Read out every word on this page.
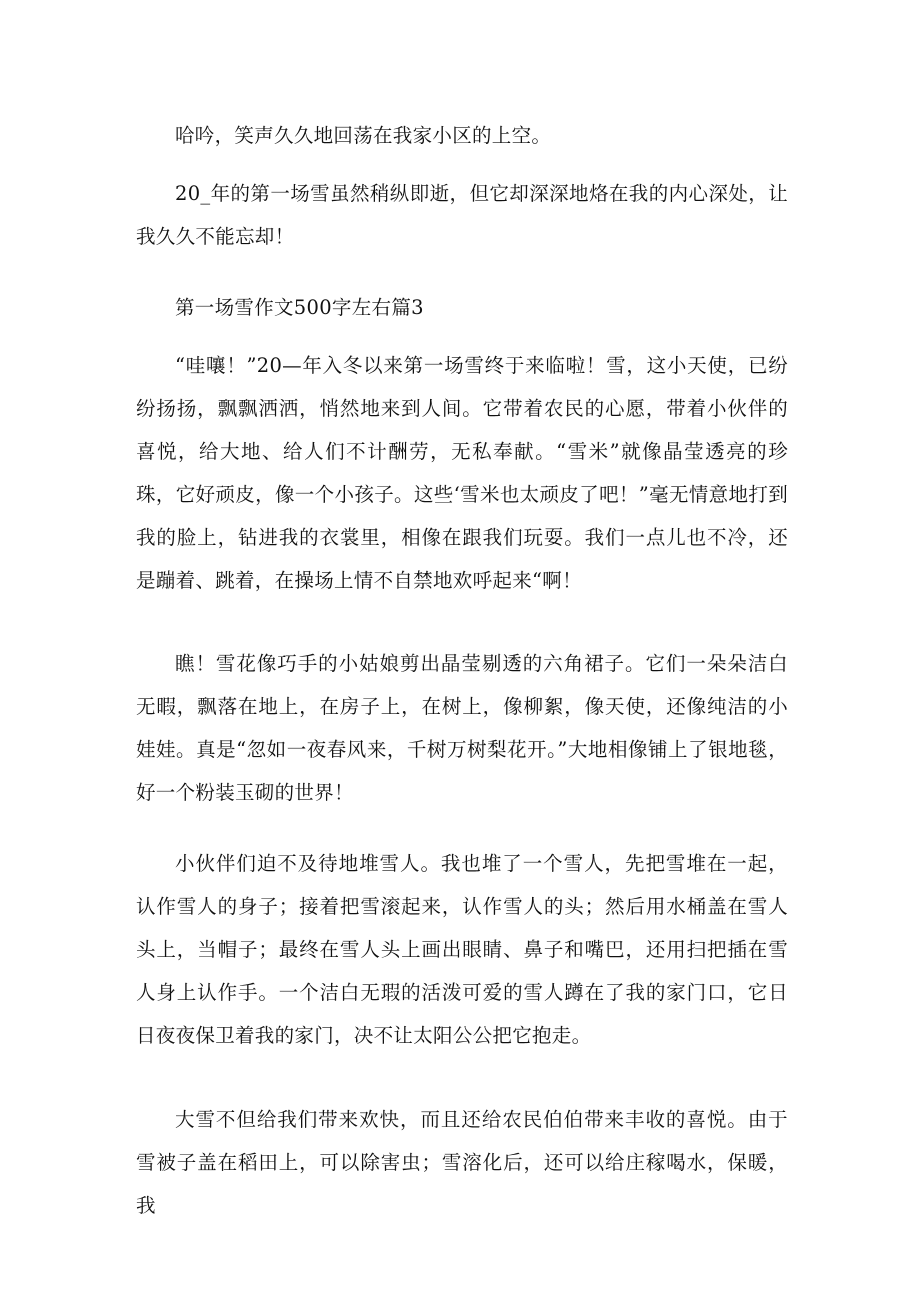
哈吟，笑声久久地回荡在我家小区的上空。

20_年的第一场雪虽然稍纵即逝，但它却深深地烙在我的内心深处，让我久久不能忘却！

第一场雪作文500字左右篇3

“哇嚷！”20—年入冬以来第一场雪终于来临啦！雪，这小天使，已纷纷扬扬，飘飘洒洒，悄然地来到人间。它带着农民的心愿，带着小伙伴的喜悦，给大地、给人们不计酬劳，无私奉献。“雪米”就像晶莹透亮的珍珠，它好顽皮，像一个小孩子。这些‘雪米也太顽皮了吧！”毫无情意地打到我的脸上，钻进我的衣裳里，相像在跟我们玩耍。我们一点儿也不冷，还是蹦着、跳着，在操场上情不自禁地欢呼起来“啊！

瞧！雪花像巧手的小姑娘剪出晶莹剔透的六角裙子。它们一朵朵洁白无暇，飘落在地上，在房子上，在树上，像柳絮，像天使，还像纯洁的小娃娃。真是“忽如一夜春风来，千树万树梨花开。”大地相像铺上了银地毯，好一个粉装玉砌的世界！

小伙伴们迫不及待地堆雪人。我也堆了一个雪人，先把雪堆在一起，认作雪人的身子；接着把雪滚起来，认作雪人的头；然后用水桶盖在雪人头上，当帽子；最终在雪人头上画出眼睛、鼻子和嘴巴，还用扫把插在雪人身上认作手。一个洁白无瑕的活泼可爱的雪人蹲在了我的家门口，它日日夜夜保卫着我的家门，决不让太阳公公把它抱走。

大雪不但给我们带来欢快，而且还给农民伯伯带来丰收的喜悦。由于雪被子盖在稻田上，可以除害虫；雪溶化后，还可以给庄稼喝水，保暖，我
